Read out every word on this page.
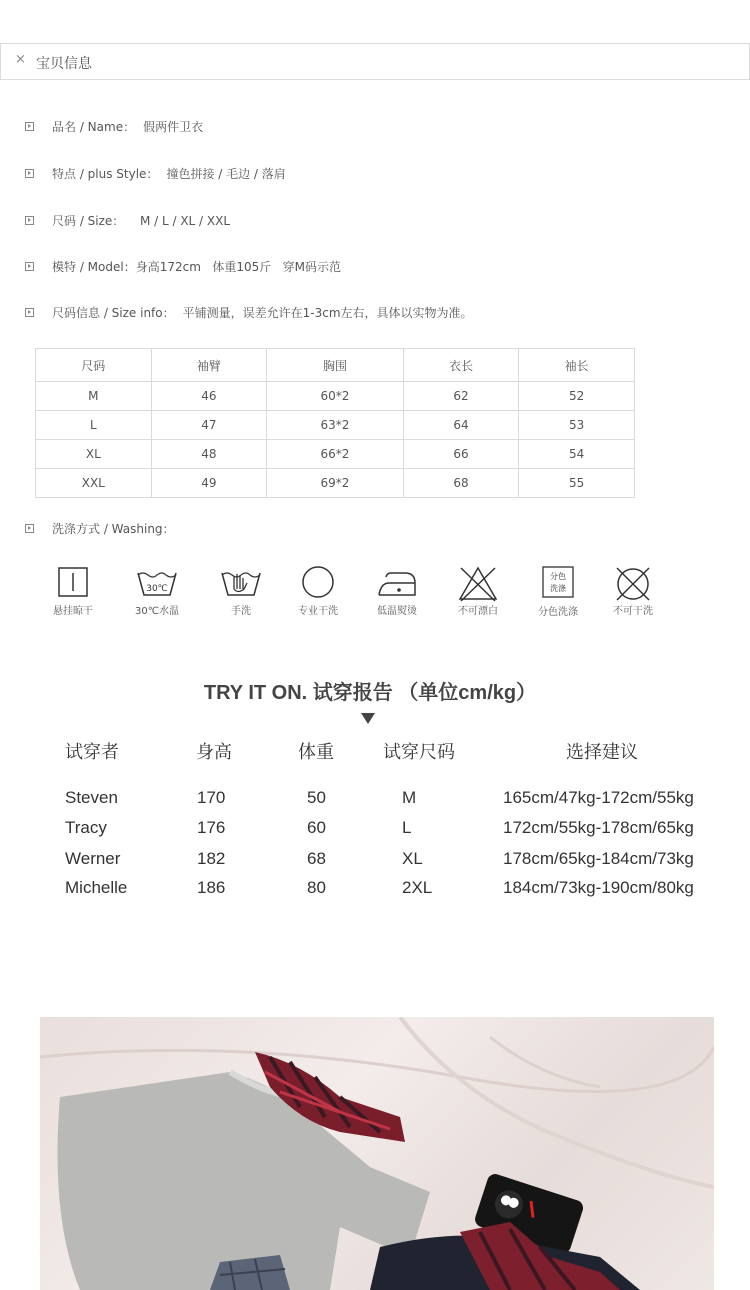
× 宝贝信息
品名 / Name： 假两件卫衣
特点 / plus Style： 撞色拼接 / 毛边 / 落肩
尺码 / Size：  M / L / XL / XXL
模特 / Model：身高172cm   体重105斤   穿M码示范
尺码信息 / Size info： 平铺测量，误差允许在1-3cm左右，具体以实物为准。
尺码	袖臂	胸围	衣长	袖长
M	46	60*2	62	52
L	47	63*2	64	53
XL	48	66*2	66	54
XXL	49	69*2	68	55
洗涤方式 / Washing：
悬挂晾干
30℃
30℃水温	手洗	专业干洗	低温熨烫	不可漂白
分色
洗涤
分色洗涤	不可干洗
TRY IT ON. 试穿报告 （单位cm/kg）
试穿者	身高	体重	试穿尺码	选择建议
Steven	170	50	M	165cm/47kg-172cm/55kg
Tracy	176	60	L	172cm/55kg-178cm/65kg
Werner	182	68	XL	178cm/65kg-184cm/73kg
Michelle	186	80	2XL	184cm/73kg-190cm/80kg
